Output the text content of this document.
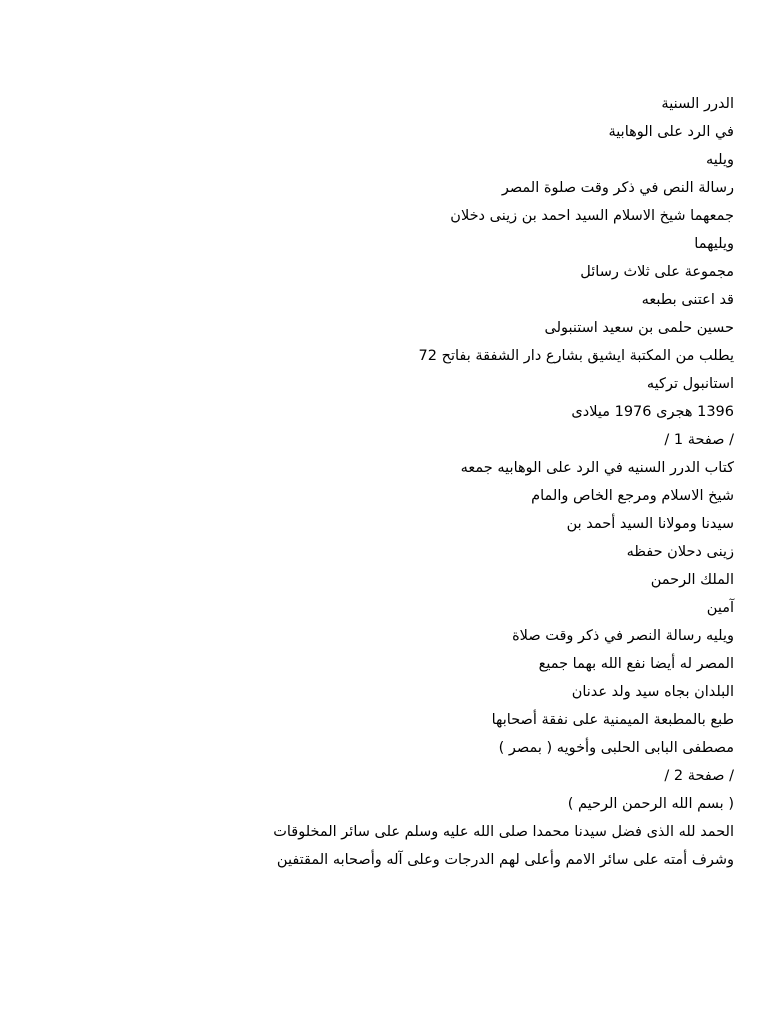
الدرر السنية
في الرد على الوهابية
ويليه
رسالة النص في ذكر وقت صلوة المصر
جمعهما شيخ الاسلام السيد احمد بن زينى دخلان
ويليهما
مجموعة على ثلاث رسائل
قد اعتنى بطبعه
حسين حلمى بن سعيد استنبولى
يطلب من المكتبة ايشيق بشارع دار الشفقة بفاتح 72
استانبول تركيه
1396 هجرى 1976 ميلادى
/ صفحة 1 /
كتاب الدرر السنيه في الرد على الوهابيه جمعه
شيخ الاسلام ومرجع الخاص والمام
سيدنا ومولانا السيد أحمد بن
زينى دحلان حفظه
الملك الرحمن
آمين
ويليه رسالة النصر في ذكر وقت صلاة
المصر له أيضا نفع الله بهما جميع
البلدان بجاه سيد ولد عدنان
طبع بالمطبعة الميمنية على نفقة أصحابها
مصطفى البابى الحلبى وأخويه ( بمصر )
/ صفحة 2 /
( بسم الله الرحمن الرحيم )
الحمد لله الذى فضل سيدنا محمدا صلى الله عليه وسلم على سائر المخلوقات
وشرف أمته على سائر الامم وأعلى لهم الدرجات وعلى آله وأصحابه المقتفين
